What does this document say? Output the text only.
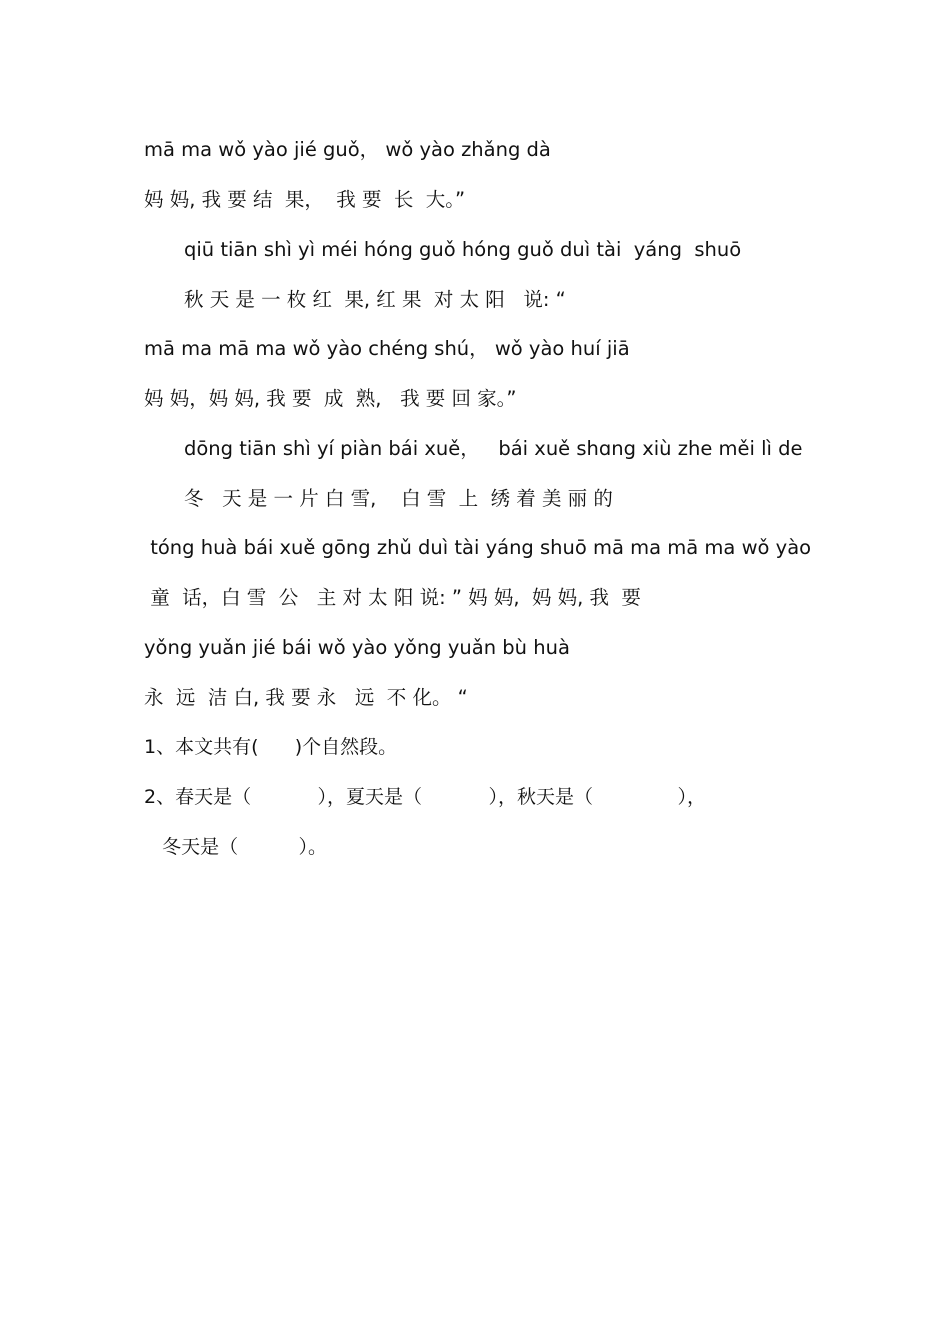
mā ma wǒ yào jié guǒ， wǒ yào zhǎng dà
妈 妈, 我 要 结  果，  我 要  长  大。”
qiū tiān shì yì méi hóng guǒ hóng guǒ duì tài  yáng  shuō
秋 天 是 一 枚 红  果, 红 果  对 太 阳   说: “
mā ma mā ma wǒ yào chéng shú， wǒ yào huí jiā
妈 妈，妈 妈, 我 要  成  熟,   我 要 回 家。”
dōng tiān shì yí piàn bái xuě，   bái xuě shɑng xiù zhe měi lì de
冬   天 是 一 片 白 雪,    白 雪  上  绣 着 美 丽 的
tóng huà bái xuě gōng zhǔ duì tài yáng shuō mā ma mā ma wǒ yào
童  话，白 雪  公   主 对 太 阳 说: ” 妈 妈,  妈 妈, 我  要
yǒng yuǎn jié bái wǒ yào yǒng yuǎn bù huà
永  远  洁 白, 我 要 永   远  不 化。 “
1、本文共有(      )个自然段。
2、春天是（           ），夏天是（           ），秋天是（              ），
冬天是（          ）。
